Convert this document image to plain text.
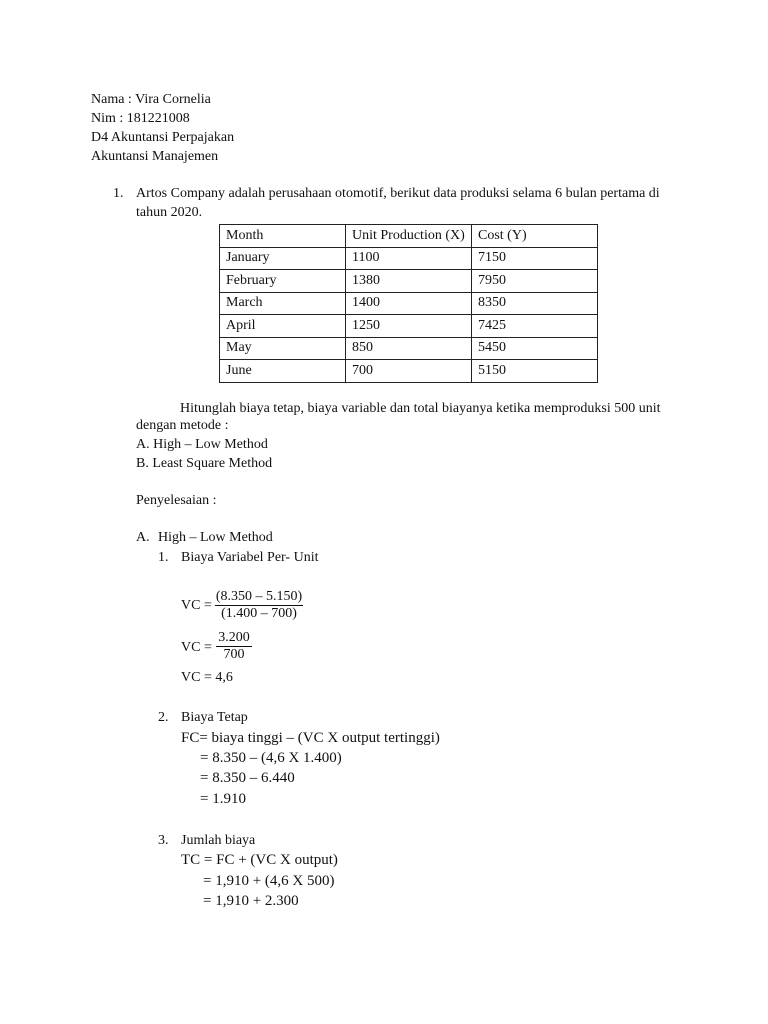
Nama : Vira Cornelia
Nim : 181221008
D4 Akuntansi Perpajakan
Akuntansi Manajemen
1. Artos Company adalah perusahaan otomotif, berikut data produksi selama 6 bulan pertama di
tahun 2020.
Month	Unit Production (X)	Cost (Y)
January	1100	7150
February	1380	7950
March	1400	8350
April	1250	7425
May	850	5450
June	700	5150
Hitunglah biaya tetap, biaya variable dan total biayanya ketika memproduksi 500 unit
dengan metode :
A. High – Low Method
B. Least Square Method
Penyelesaian :
A. High – Low Method
1. Biaya Variabel Per- Unit
VC =
(8.350 – 5.150)
(1.400 – 700)
VC =
3.200
700
VC = 4,6
2. Biaya Tetap
FC= biaya tinggi – (VC X output tertinggi)
= 8.350 – (4,6 X 1.400)
= 8.350 – 6.440
= 1.910
3. Jumlah biaya
TC = FC + (VC X output)
= 1,910 + (4,6 X 500)
= 1,910 + 2.300
